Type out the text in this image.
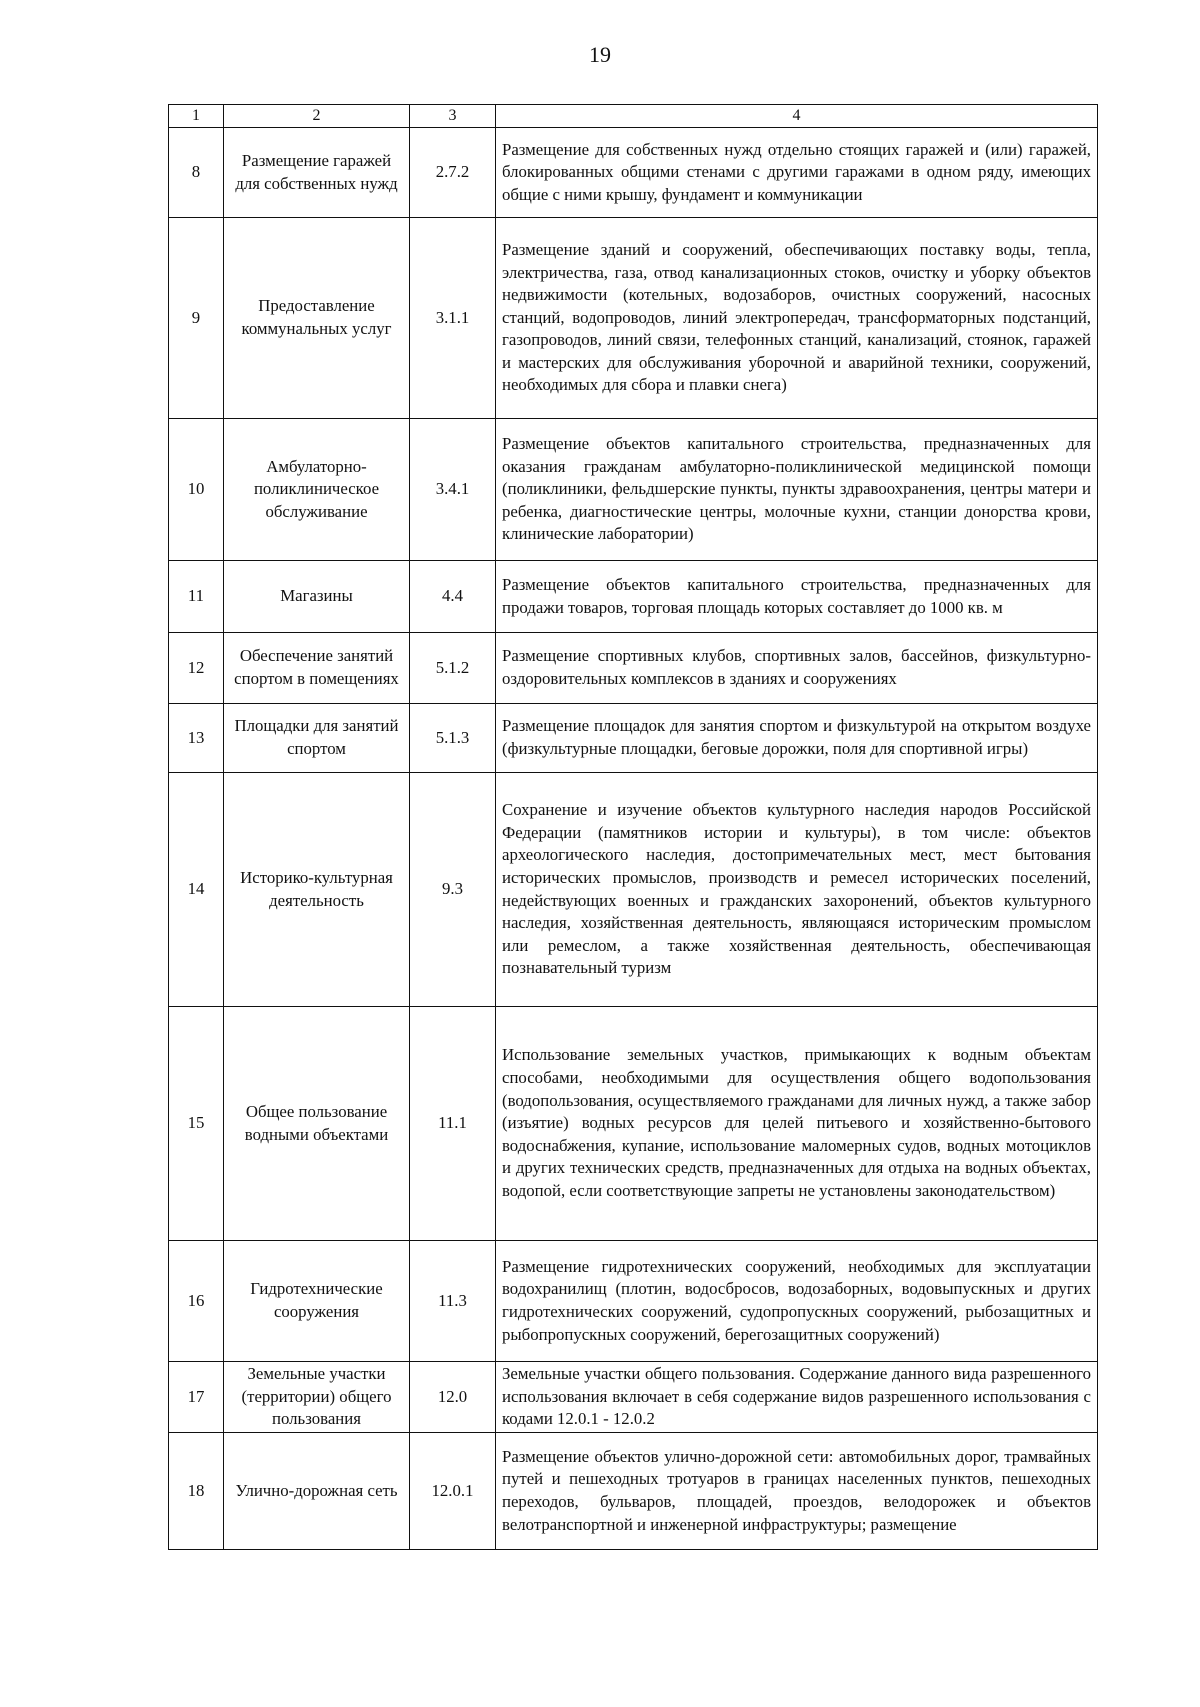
19
1	2	3	4
8	Размещение гаражей для собственных нужд	2.7.2	Размещение для собственных нужд отдельно стоящих гаражей и (или) гаражей, блокированных общими стенами с другими гаражами в одном ряду, имеющих общие с ними крышу, фундамент и коммуникации
9	Предоставление коммунальных услуг	3.1.1	Размещение зданий и сооружений, обеспечивающих поставку воды, тепла, электричества, газа, отвод канализационных стоков, очистку и уборку объектов недвижимости (котельных, водозаборов, очистных сооружений, насосных станций, водопроводов, линий электропередач, трансформаторных подстанций, газопроводов, линий связи, телефонных станций, канализаций, стоянок, гаражей и мастерских для обслуживания уборочной и аварийной техники, сооружений, необходимых для сбора и плавки снега)
10	Амбулаторно-поликлиническое обслуживание	3.4.1	Размещение объектов капитального строительства, предназначенных для оказания гражданам амбулаторно-поликлинической медицинской помощи (поликлиники, фельдшерские пункты, пункты здравоохранения, центры матери и ребенка, диагностические центры, молочные кухни, станции донорства крови, клинические лаборатории)
11	Магазины	4.4	Размещение объектов капитального строительства, предназначенных для продажи товаров, торговая площадь которых составляет до 1000 кв. м
12	Обеспечение занятий спортом в помещениях	5.1.2	Размещение спортивных клубов, спортивных залов, бассейнов, физкультурно-оздоровительных комплексов в зданиях и сооружениях
13	Площадки для занятий спортом	5.1.3	Размещение площадок для занятия спортом и физкультурой на открытом воздухе (физкультурные площадки, беговые дорожки, поля для спортивной игры)
14	Историко-культурная деятельность	9.3	Сохранение и изучение объектов культурного наследия народов Российской Федерации (памятников истории и культуры), в том числе: объектов археологического наследия, достопримечательных мест, мест бытования исторических промыслов, производств и ремесел исторических поселений, недействующих военных и гражданских захоронений, объектов культурного наследия, хозяйственная деятельность, являющаяся историческим промыслом или ремеслом, а также хозяйственная деятельность, обеспечивающая познавательный туризм
15	Общее пользование водными объектами	11.1	Использование земельных участков, примыкающих к водным объектам способами, необходимыми для осуществления общего водопользования (водопользования, осуществляемого гражданами для личных нужд, а также забор (изъятие) водных ресурсов для целей питьевого и хозяйственно-бытового водоснабжения, купание, использование маломерных судов, водных мотоциклов и других технических средств, предназначенных для отдыха на водных объектах, водопой, если соответствующие запреты не установлены законодательством)
16	Гидротехнические сооружения	11.3	Размещение гидротехнических сооружений, необходимых для эксплуатации водохранилищ (плотин, водосбросов, водозаборных, водовыпускных и других гидротехнических сооружений, судопропускных сооружений, рыбозащитных и рыбопропускных сооружений, берегозащитных сооружений)
17	Земельные участки (территории) общего пользования	12.0	Земельные участки общего пользования. Содержание данного вида разрешенного использования включает в себя содержание видов разрешенного использования с кодами 12.0.1 - 12.0.2
18	Улично-дорожная сеть	12.0.1	Размещение объектов улично-дорожной сети: автомобильных дорог, трамвайных путей и пешеходных тротуаров в границах населенных пунктов, пешеходных переходов, бульваров, площадей, проездов, велодорожек и объектов велотранспортной и инженерной инфраструктуры; размещение
